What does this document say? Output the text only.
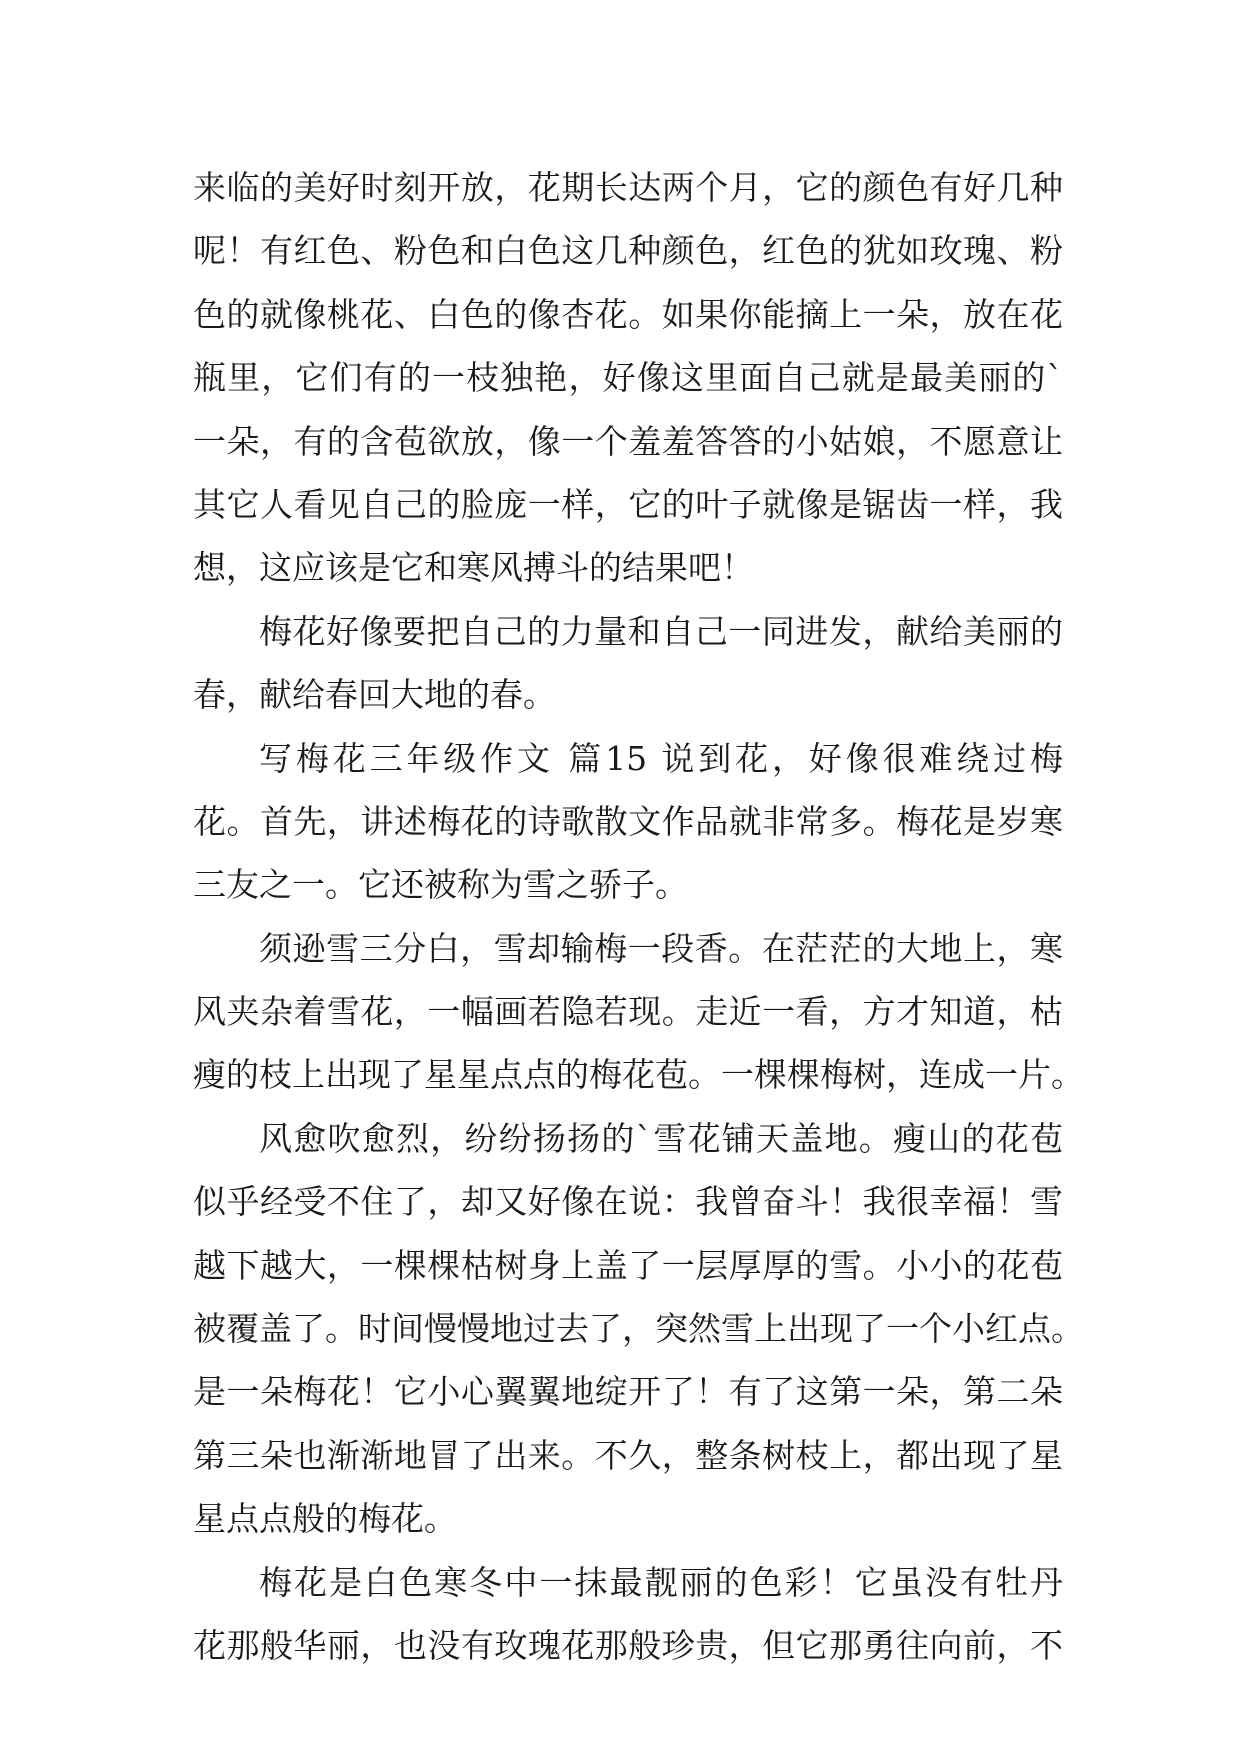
来临的美好时刻开放，花期长达两个月，它的颜色有好几种
呢！有红色、粉色和白色这几种颜色，红色的犹如玫瑰、粉
色的就像桃花、白色的像杏花。如果你能摘上一朵，放在花
瓶里，它们有的一枝独艳，好像这里面自己就是最美丽的`
一朵，有的含苞欲放，像一个羞羞答答的小姑娘，不愿意让
其它人看见自己的脸庞一样，它的叶子就像是锯齿一样，我
想，这应该是它和寒风搏斗的结果吧！
梅花好像要把自己的力量和自己一同进发，献给美丽的
春，献给春回大地的春。
写梅花三年级作文 篇15 说到花，好像很难绕过梅
花。首先，讲述梅花的诗歌散文作品就非常多。梅花是岁寒
三友之一。它还被称为雪之骄子。
须逊雪三分白，雪却输梅一段香。在茫茫的大地上，寒
风夹杂着雪花，一幅画若隐若现。走近一看，方才知道，枯
瘦的枝上出现了星星点点的梅花苞。一棵棵梅树，连成一片。
风愈吹愈烈，纷纷扬扬的`雪花铺天盖地。瘦山的花苞
似乎经受不住了，却又好像在说：我曾奋斗！我很幸福！雪
越下越大，一棵棵枯树身上盖了一层厚厚的雪。小小的花苞
被覆盖了。时间慢慢地过去了，突然雪上出现了一个小红点。
是一朵梅花！它小心翼翼地绽开了！有了这第一朵，第二朵
第三朵也渐渐地冒了出来。不久，整条树枝上，都出现了星
星点点般的梅花。
梅花是白色寒冬中一抹最靓丽的色彩！它虽没有牡丹
花那般华丽，也没有玫瑰花那般珍贵，但它那勇往向前，不
